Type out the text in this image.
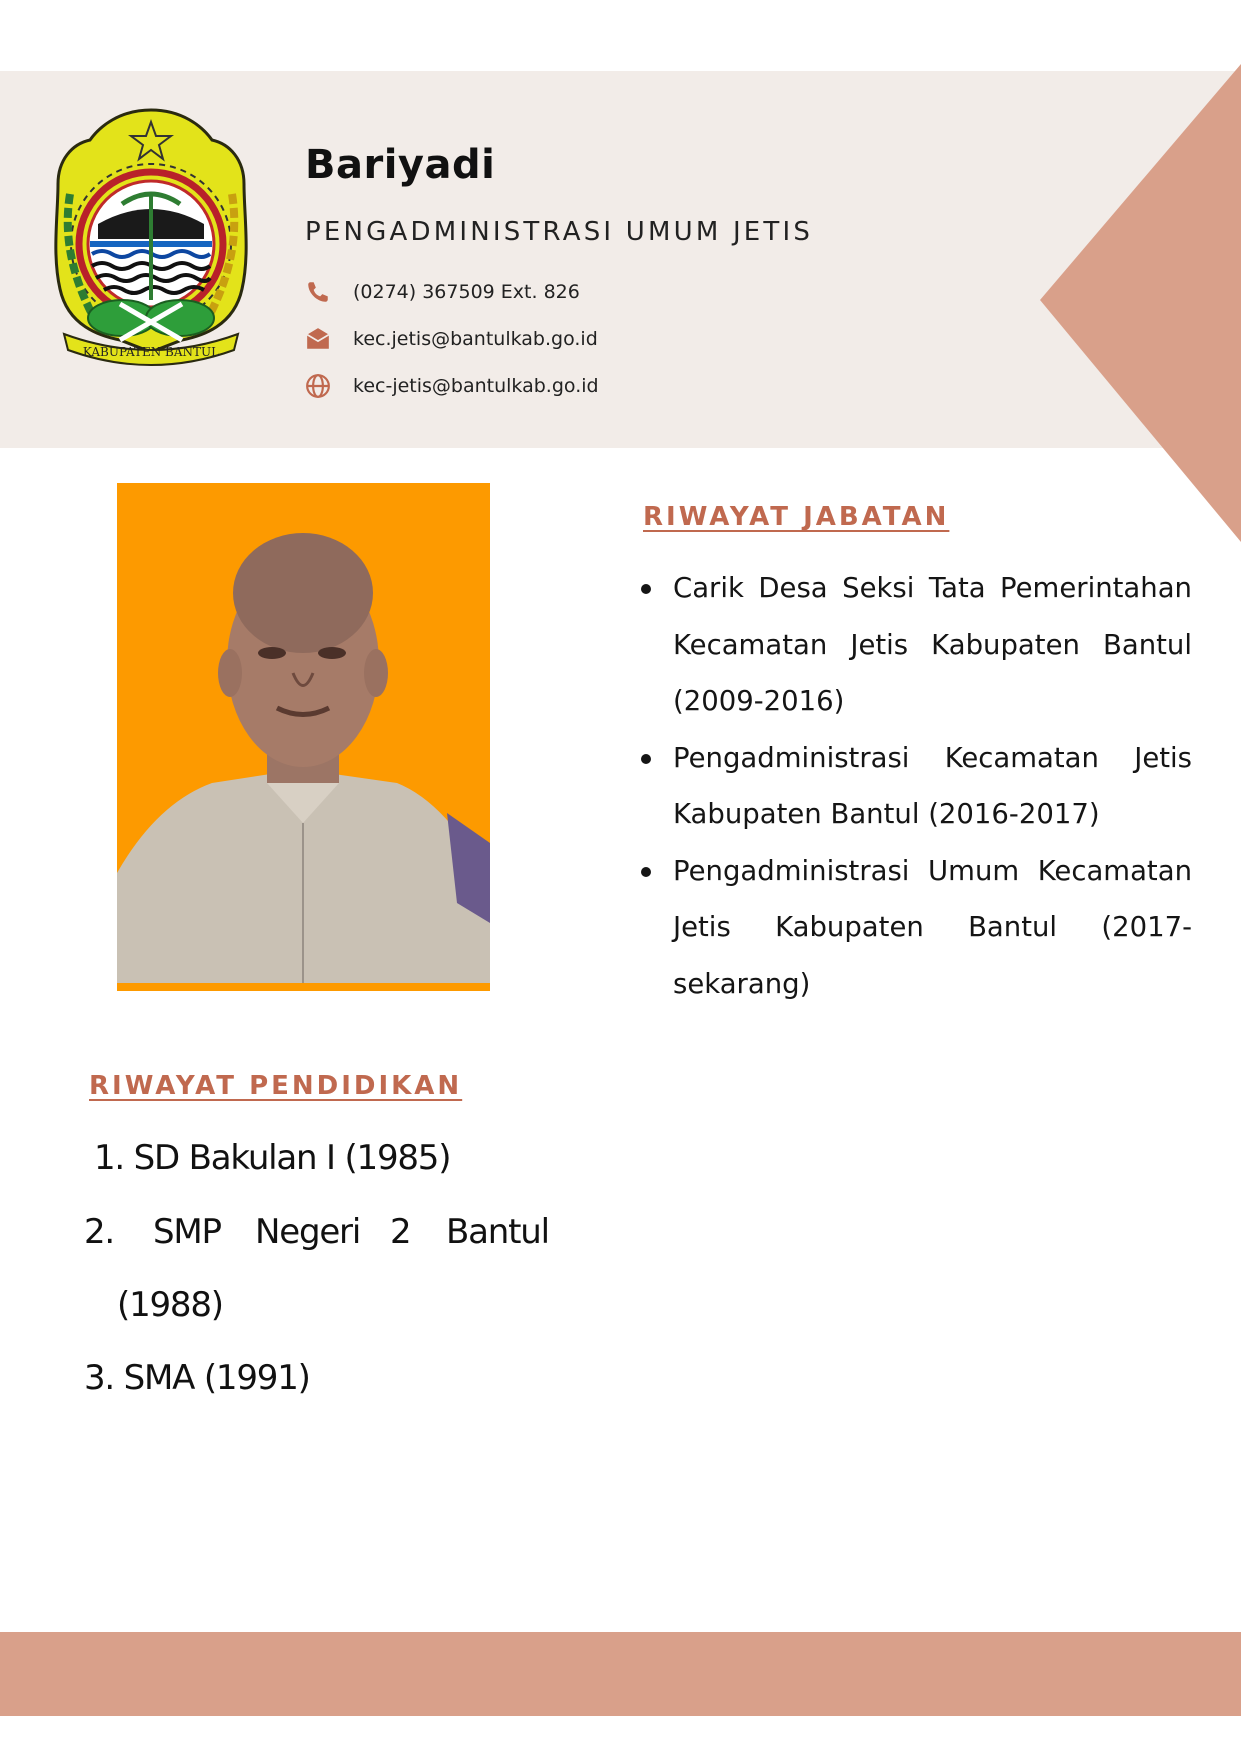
KABUPATEN BANTUL
Bariyadi
PENGADMINISTRASI UMUM JETIS
(0274) 367509 Ext. 826
kec.jetis@bantulkab.go.id
kec-jetis@bantulkab.go.id
RIWAYAT JABATAN
Carik Desa Seksi Tata Pemerintahan Kecamatan Jetis Kabupaten Bantul (2009-2016)
Pengadministrasi Kecamatan Jetis Kabupaten Bantul (2016-2017)
Pengadministrasi Umum Kecamatan Jetis Kabupaten Bantul (2017-sekarang)
RIWAYAT PENDIDIKAN
1. SD Bakulan I (1985)
2. SMP Negeri 2 Bantul
(1988)
3. SMA (1991)
